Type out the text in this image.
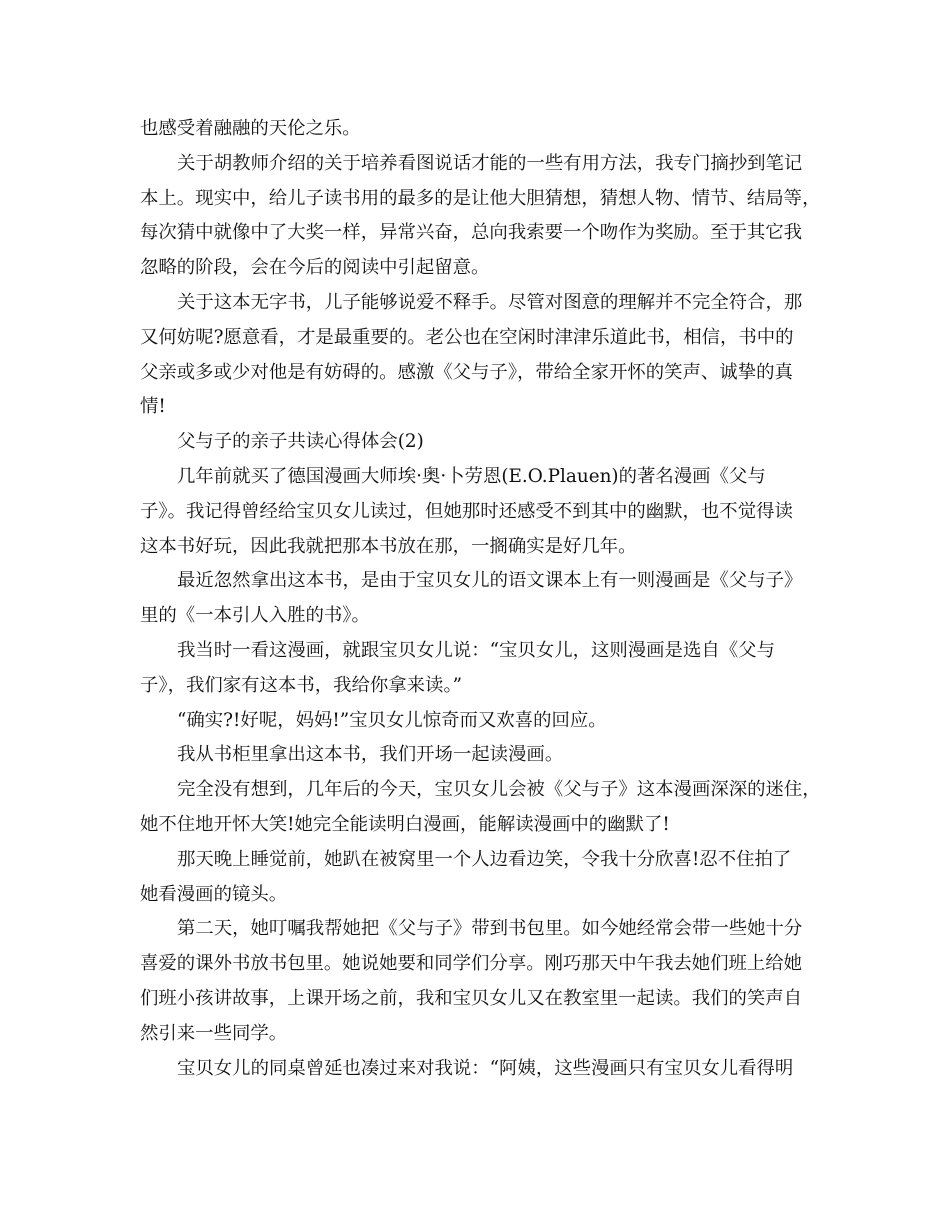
也感受着融融的天伦之乐。
关于胡教师介绍的关于培养看图说话才能的一些有用方法，我专门摘抄到笔记
本上。现实中，给儿子读书用的最多的是让他大胆猜想，猜想人物、情节、结局等，
每次猜中就像中了大奖一样，异常兴奋，总向我索要一个吻作为奖励。至于其它我
忽略的阶段，会在今后的阅读中引起留意。
关于这本无字书，儿子能够说爱不释手。尽管对图意的理解并不完全符合，那
又何妨呢?愿意看，才是最重要的。老公也在空闲时津津乐道此书，相信，书中的
父亲或多或少对他是有妨碍的。感激《父与子》，带给全家开怀的笑声、诚挚的真
情!
父与子的亲子共读心得体会(2)
几年前就买了德国漫画大师埃·奥·卜劳恩(E.O.Plauen)的著名漫画《父与
子》。我记得曾经给宝贝女儿读过，但她那时还感受不到其中的幽默，也不觉得读
这本书好玩，因此我就把那本书放在那，一搁确实是好几年。
最近忽然拿出这本书，是由于宝贝女儿的语文课本上有一则漫画是《父与子》
里的《一本引人入胜的书》。
我当时一看这漫画，就跟宝贝女儿说：“宝贝女儿，这则漫画是选自《父与
子》，我们家有这本书，我给你拿来读。”
“确实?!好呢，妈妈!”宝贝女儿惊奇而又欢喜的回应。
我从书柜里拿出这本书，我们开场一起读漫画。
完全没有想到，几年后的今天，宝贝女儿会被《父与子》这本漫画深深的迷住，
她不住地开怀大笑!她完全能读明白漫画，能解读漫画中的幽默了!
那天晚上睡觉前，她趴在被窝里一个人边看边笑，令我十分欣喜!忍不住拍了
她看漫画的镜头。
第二天，她叮嘱我帮她把《父与子》带到书包里。如今她经常会带一些她十分
喜爱的课外书放书包里。她说她要和同学们分享。刚巧那天中午我去她们班上给她
们班小孩讲故事，上课开场之前，我和宝贝女儿又在教室里一起读。我们的笑声自
然引来一些同学。
宝贝女儿的同桌曾延也凑过来对我说：“阿姨，这些漫画只有宝贝女儿看得明
